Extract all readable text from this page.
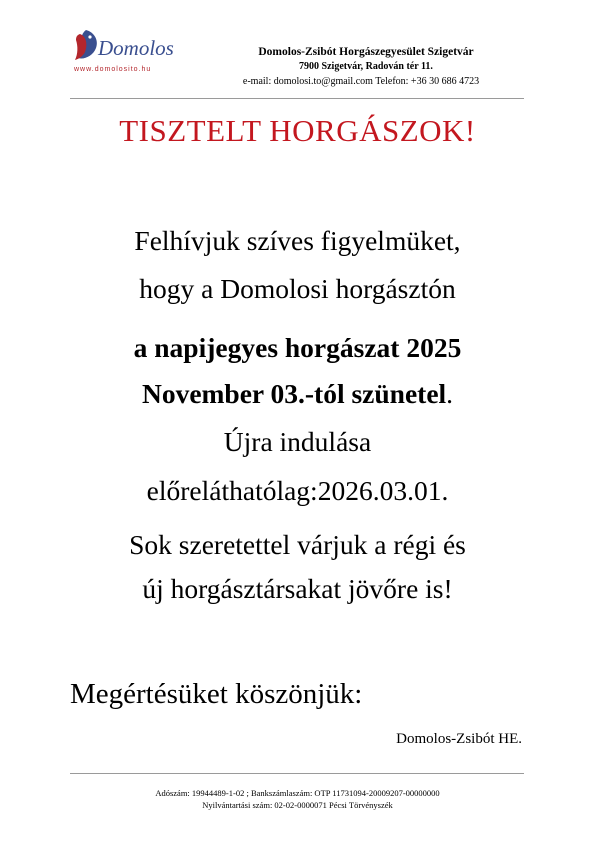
Domolos
www.domolosito.hu
Domolos-Zsibót Horgászegyesület Szigetvár
7900 Szigetvár, Radován tér 11.
e-mail: domolosi.to@gmail.com Telefon: +36 30 686 4723
TISZTELT HORGÁSZOK!
Felhívjuk szíves figyelmüket,
hogy a Domolosi horgásztón
a napijegyes horgászat 2025
November 03.-tól szünetel.
Újra indulása
előreláthatólag:2026.03.01.
Sok szeretettel várjuk a régi és
új horgásztársakat jövőre is!
Megértésüket köszönjük:
Domolos-Zsibót HE.
Adószám: 19944489-1-02 ; Bankszámlaszám: OTP 11731094-20009207-00000000
Nyilvántartási szám: 02-02-0000071 Pécsi Törvényszék
